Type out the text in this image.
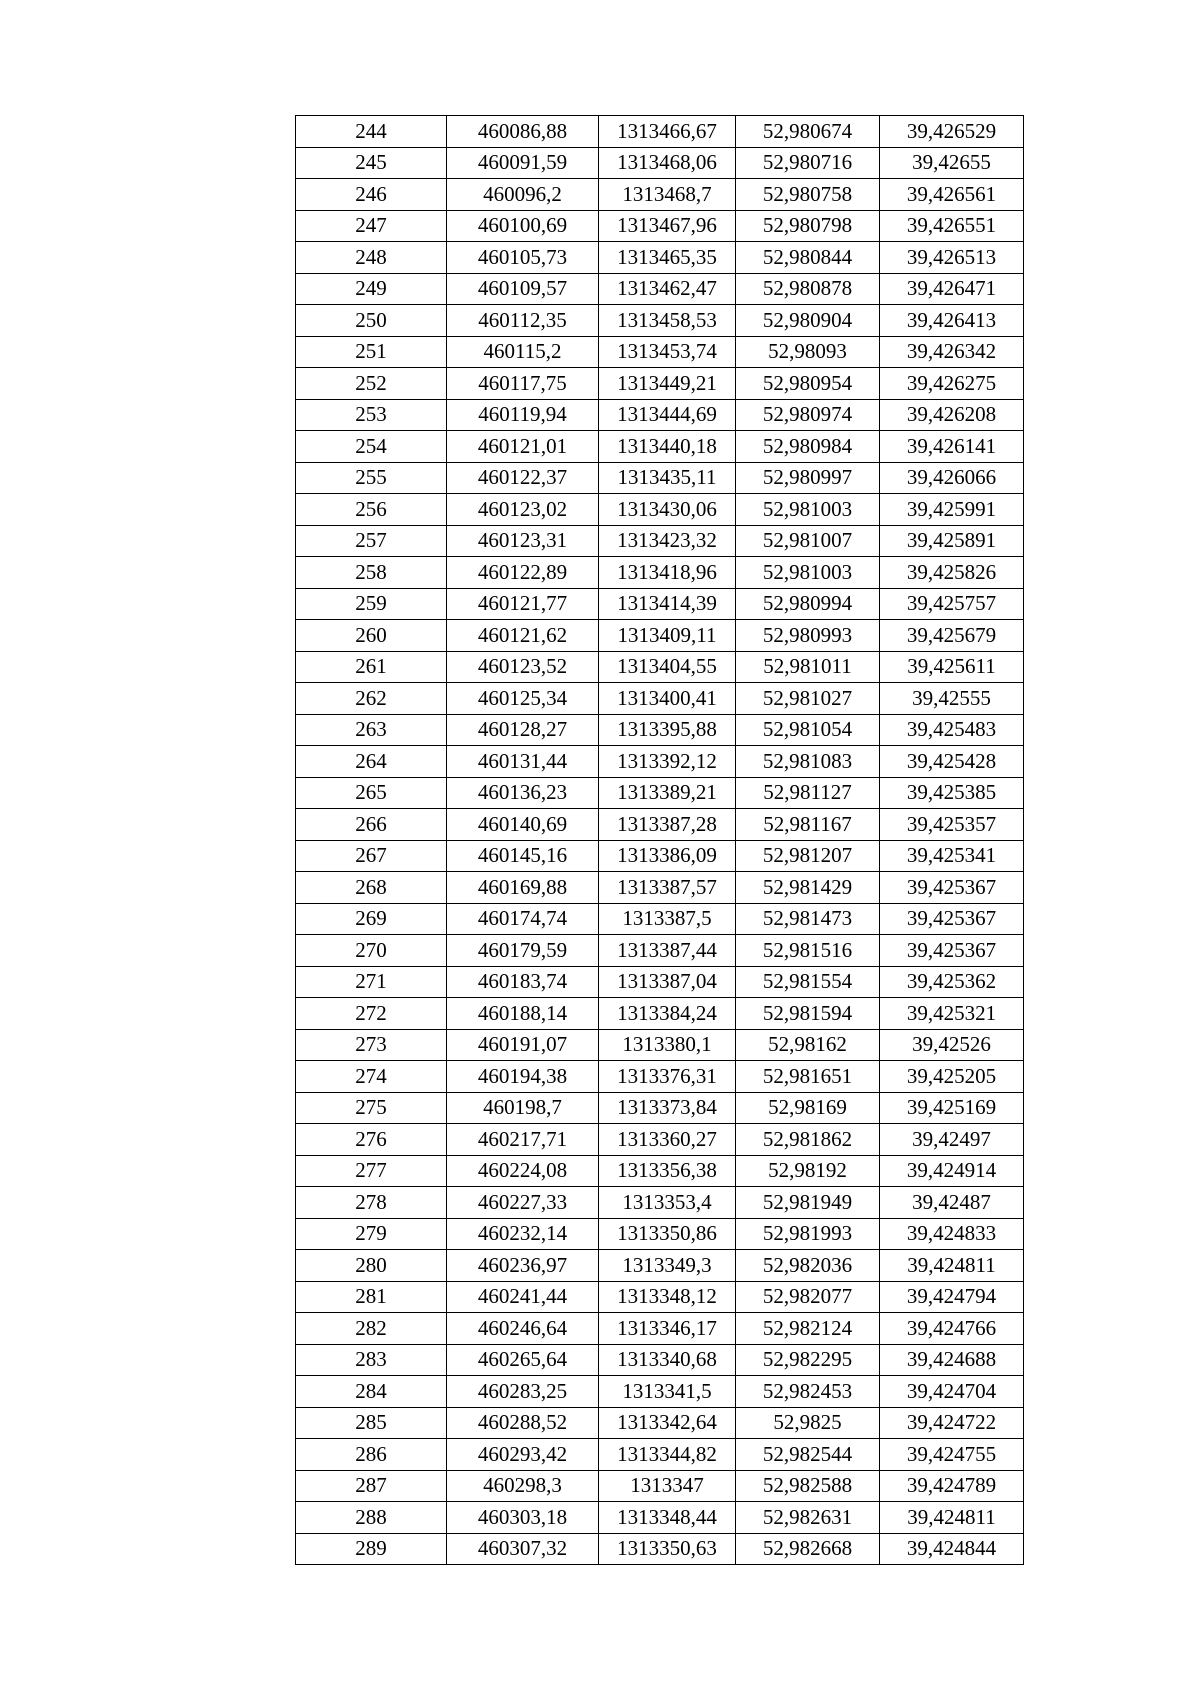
244	460086,88	1313466,67	52,980674	39,426529
245	460091,59	1313468,06	52,980716	39,42655
246	460096,2	1313468,7	52,980758	39,426561
247	460100,69	1313467,96	52,980798	39,426551
248	460105,73	1313465,35	52,980844	39,426513
249	460109,57	1313462,47	52,980878	39,426471
250	460112,35	1313458,53	52,980904	39,426413
251	460115,2	1313453,74	52,98093	39,426342
252	460117,75	1313449,21	52,980954	39,426275
253	460119,94	1313444,69	52,980974	39,426208
254	460121,01	1313440,18	52,980984	39,426141
255	460122,37	1313435,11	52,980997	39,426066
256	460123,02	1313430,06	52,981003	39,425991
257	460123,31	1313423,32	52,981007	39,425891
258	460122,89	1313418,96	52,981003	39,425826
259	460121,77	1313414,39	52,980994	39,425757
260	460121,62	1313409,11	52,980993	39,425679
261	460123,52	1313404,55	52,981011	39,425611
262	460125,34	1313400,41	52,981027	39,42555
263	460128,27	1313395,88	52,981054	39,425483
264	460131,44	1313392,12	52,981083	39,425428
265	460136,23	1313389,21	52,981127	39,425385
266	460140,69	1313387,28	52,981167	39,425357
267	460145,16	1313386,09	52,981207	39,425341
268	460169,88	1313387,57	52,981429	39,425367
269	460174,74	1313387,5	52,981473	39,425367
270	460179,59	1313387,44	52,981516	39,425367
271	460183,74	1313387,04	52,981554	39,425362
272	460188,14	1313384,24	52,981594	39,425321
273	460191,07	1313380,1	52,98162	39,42526
274	460194,38	1313376,31	52,981651	39,425205
275	460198,7	1313373,84	52,98169	39,425169
276	460217,71	1313360,27	52,981862	39,42497
277	460224,08	1313356,38	52,98192	39,424914
278	460227,33	1313353,4	52,981949	39,42487
279	460232,14	1313350,86	52,981993	39,424833
280	460236,97	1313349,3	52,982036	39,424811
281	460241,44	1313348,12	52,982077	39,424794
282	460246,64	1313346,17	52,982124	39,424766
283	460265,64	1313340,68	52,982295	39,424688
284	460283,25	1313341,5	52,982453	39,424704
285	460288,52	1313342,64	52,9825	39,424722
286	460293,42	1313344,82	52,982544	39,424755
287	460298,3	1313347	52,982588	39,424789
288	460303,18	1313348,44	52,982631	39,424811
289	460307,32	1313350,63	52,982668	39,424844
